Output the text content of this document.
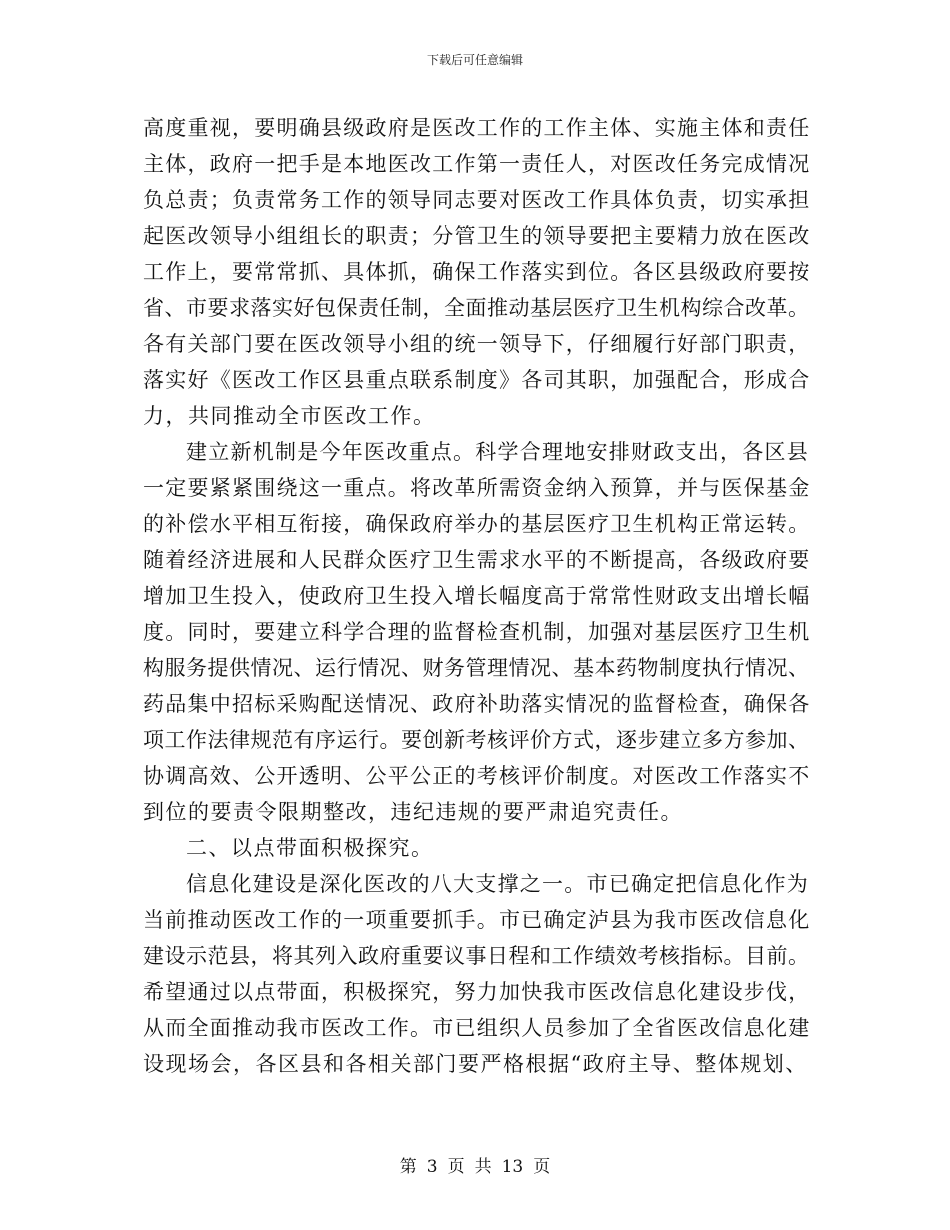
下载后可任意编辑
高度重视，要明确县级政府是医改工作的工作主体、实施主体和责任
主体，政府一把手是本地医改工作第一责任人，对医改任务完成情况
负总责；负责常务工作的领导同志要对医改工作具体负责，切实承担
起医改领导小组组长的职责；分管卫生的领导要把主要精力放在医改
工作上，要常常抓、具体抓，确保工作落实到位。各区县级政府要按
省、市要求落实好包保责任制，全面推动基层医疗卫生机构综合改革。
各有关部门要在医改领导小组的统一领导下，仔细履行好部门职责，
落实好《医改工作区县重点联系制度》各司其职，加强配合，形成合
力，共同推动全市医改工作。
建立新机制是今年医改重点。科学合理地安排财政支出，各区县
一定要紧紧围绕这一重点。将改革所需资金纳入预算，并与医保基金
的补偿水平相互衔接，确保政府举办的基层医疗卫生机构正常运转。
随着经济进展和人民群众医疗卫生需求水平的不断提高，各级政府要
增加卫生投入，使政府卫生投入增长幅度高于常常性财政支出增长幅
度。同时，要建立科学合理的监督检查机制，加强对基层医疗卫生机
构服务提供情况、运行情况、财务管理情况、基本药物制度执行情况、
药品集中招标采购配送情况、政府补助落实情况的监督检查，确保各
项工作法律规范有序运行。要创新考核评价方式，逐步建立多方参加、
协调高效、公开透明、公平公正的考核评价制度。对医改工作落实不
到位的要责令限期整改，违纪违规的要严肃追究责任。
二、以点带面积极探究。
信息化建设是深化医改的八大支撑之一。市已确定把信息化作为
当前推动医改工作的一项重要抓手。市已确定泸县为我市医改信息化
建设示范县，将其列入政府重要议事日程和工作绩效考核指标。目前。
希望通过以点带面，积极探究，努力加快我市医改信息化建设步伐，
从而全面推动我市医改工作。市已组织人员参加了全省医改信息化建
设现场会，各区县和各相关部门要严格根据“政府主导、整体规划、
第 3 页 共 13 页
